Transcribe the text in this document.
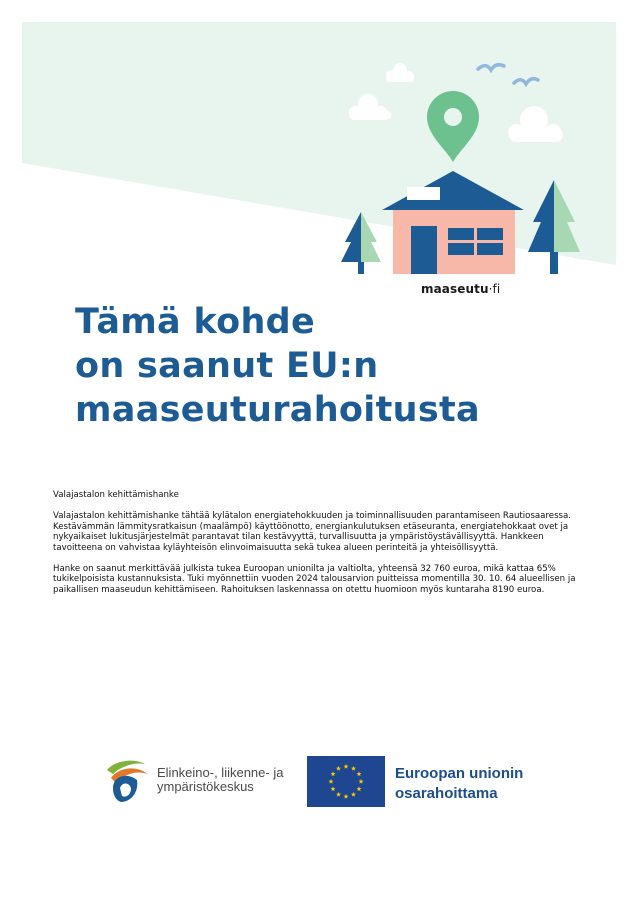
maaseutu·fi
Tämä kohde
on saanut EU:n
maaseuturahoitusta

Valajastalon kehittämishanke

Valajastalon kehittämishanke tähtää kylätalon energiatehokkuuden ja toiminnallisuuden parantamiseen Rautiosaaressa. Kestävämmän lämmitysratkaisun (maalämpö) käyttöönotto, energiankulutuksen etäseuranta, energiatehokkaat ovet ja nykyaikaiset lukitusjärjestelmät parantavat tilan kestävyyttä, turvallisuutta ja ympäristöystävällisyyttä. Hankkeen tavoitteena on vahvistaa kyläyhteisön elinvoimaisuutta sekä tukea alueen perinteitä ja yhteisöllisyyttä.

Hanke on saanut merkittävää julkista tukea Euroopan unionilta ja valtiolta, yhteensä 32 760 euroa, mikä kattaa 65% tukikelpoisista kustannuksista. Tuki myönnettiin vuoden 2024 talousarvion puitteissa momentilla 30. 10. 64 alueellisen ja paikallisen maaseudun kehittämiseen. Rahoituksen laskennassa on otettu huomioon myös kuntaraha 8190 euroa.

Elinkeino-, liikenne- ja
ympäristökeskus
Euroopan unionin
osarahoittama
